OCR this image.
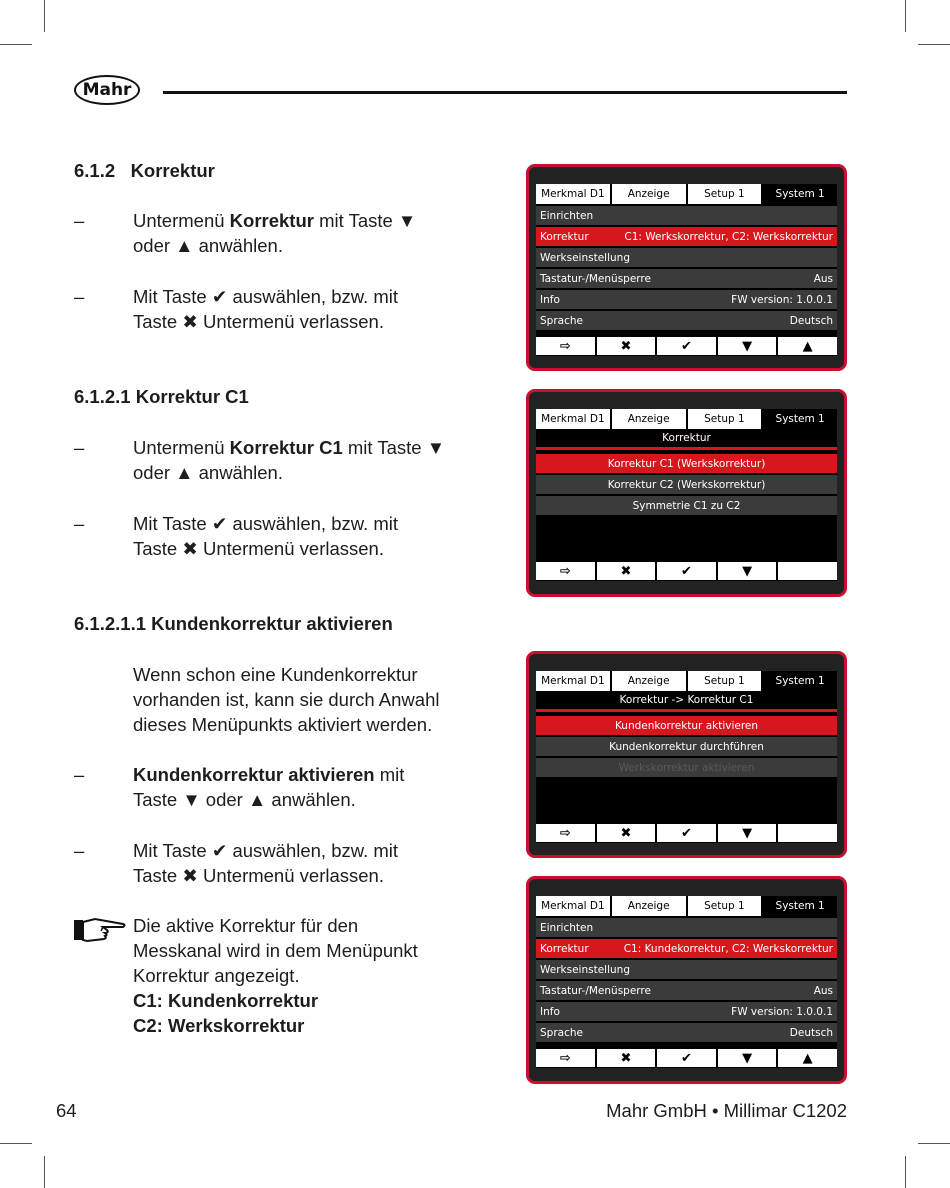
Mahr
6.1.2   Korrektur
–	Untermenü Korrektur mit Taste ▼
oder ▲ anwählen.
–	Mit Taste ✔ auswählen, bzw. mit
Taste ✖ Untermenü verlassen.
6.1.2.1 Korrektur C1
–	Untermenü Korrektur C1 mit Taste ▼
oder ▲ anwählen.
–	Mit Taste ✔ auswählen, bzw. mit
Taste ✖ Untermenü verlassen.
6.1.2.1.1 Kundenkorrektur aktivieren
Wenn schon eine Kundenkorrektur
vorhanden ist, kann sie durch Anwahl
dieses Menüpunkts aktiviert werden.
–	Kundenkorrektur aktivieren mit
Taste ▼ oder ▲ anwählen.
–	Mit Taste ✔ auswählen, bzw. mit
Taste ✖ Untermenü verlassen.
Die aktive Korrektur für den
Messkanal wird in dem Menüpunkt
Korrektur angezeigt.
C1: Kundenkorrektur
C2: Werkskorrektur
Merkmal D1	Anzeige	Setup 1	System 1
Einrichten
Korrektur	C1: Werkskorrektur, C2: Werkskorrektur
Werkseinstellung
Tastatur-/Menüsperre	Aus
Info	FW version: 1.0.0.1
Sprache	Deutsch
⇨	✖	✔	▼	▲
Merkmal D1	Anzeige	Setup 1	System 1
Korrektur
Korrektur C1 (Werkskorrektur)
Korrektur C2 (Werkskorrektur)
Symmetrie C1 zu C2
⇨	✖	✔	▼
Merkmal D1	Anzeige	Setup 1	System 1
Korrektur -> Korrektur C1
Kundenkorrektur aktivieren
Kundenkorrektur durchführen
Werkskorrektur aktivieren
⇨	✖	✔	▼
Merkmal D1	Anzeige	Setup 1	System 1
Einrichten
Korrektur	C1: Kundekorrektur, C2: Werkskorrektur
Werkseinstellung
Tastatur-/Menüsperre	Aus
Info	FW version: 1.0.0.1
Sprache	Deutsch
⇨	✖	✔	▼	▲
64	Mahr GmbH • Millimar C1202
